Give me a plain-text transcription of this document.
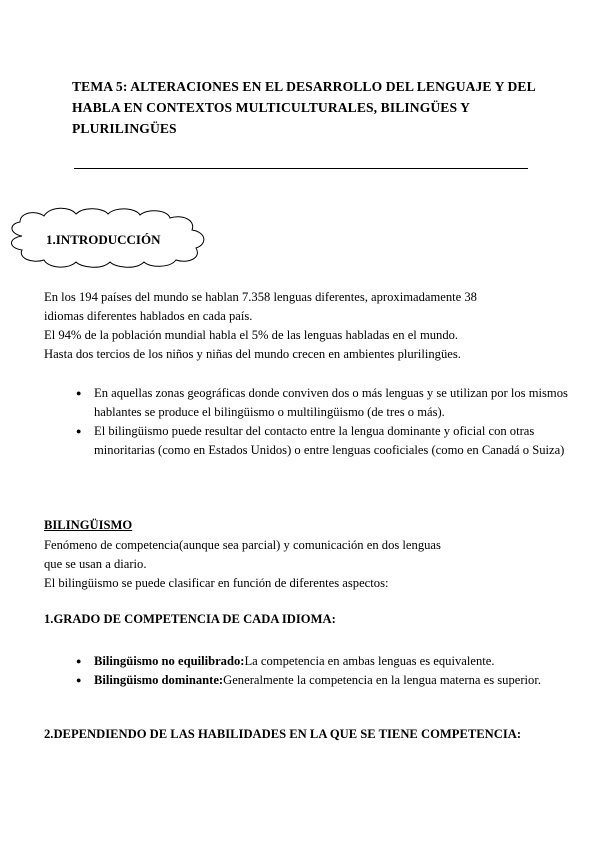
TEMA 5: ALTERACIONES EN EL DESARROLLO DEL LENGUAJE Y DEL
HABLA EN CONTEXTOS MULTICULTURALES, BILINGÜES Y
PLURILINGÜES
1.INTRODUCCIÓN
En los 194 países del mundo se hablan 7.358 lenguas diferentes, aproximadamente 38
idiomas diferentes hablados en cada país.
El 94% de la población mundial habla el 5% de las lenguas habladas en el mundo.
Hasta dos tercios de los niños y niñas del mundo crecen en ambientes plurilingües.
● En aquellas zonas geográficas donde conviven dos o más lenguas y se utilizan por los mismos hablantes se produce el bilingüismo o multilingüismo (de tres o más).
● El bilingüismo puede resultar del contacto entre la lengua dominante y oficial con otras minoritarias (como en Estados Unidos) o entre lenguas cooficiales (como en Canadá o Suiza)
BILINGÜISMO
Fenómeno de competencia(aunque sea parcial) y comunicación en dos lenguas
que se usan a diario.
El bilingüismo se puede clasificar en función de diferentes aspectos:
1.GRADO DE COMPETENCIA DE CADA IDIOMA:
● Bilingüismo no equilibrado:La competencia en ambas lenguas es equivalente.
● Bilingüismo dominante:Generalmente la competencia en la lengua materna es superior.
2.DEPENDIENDO DE LAS HABILIDADES EN LA QUE SE TIENE COMPETENCIA:
